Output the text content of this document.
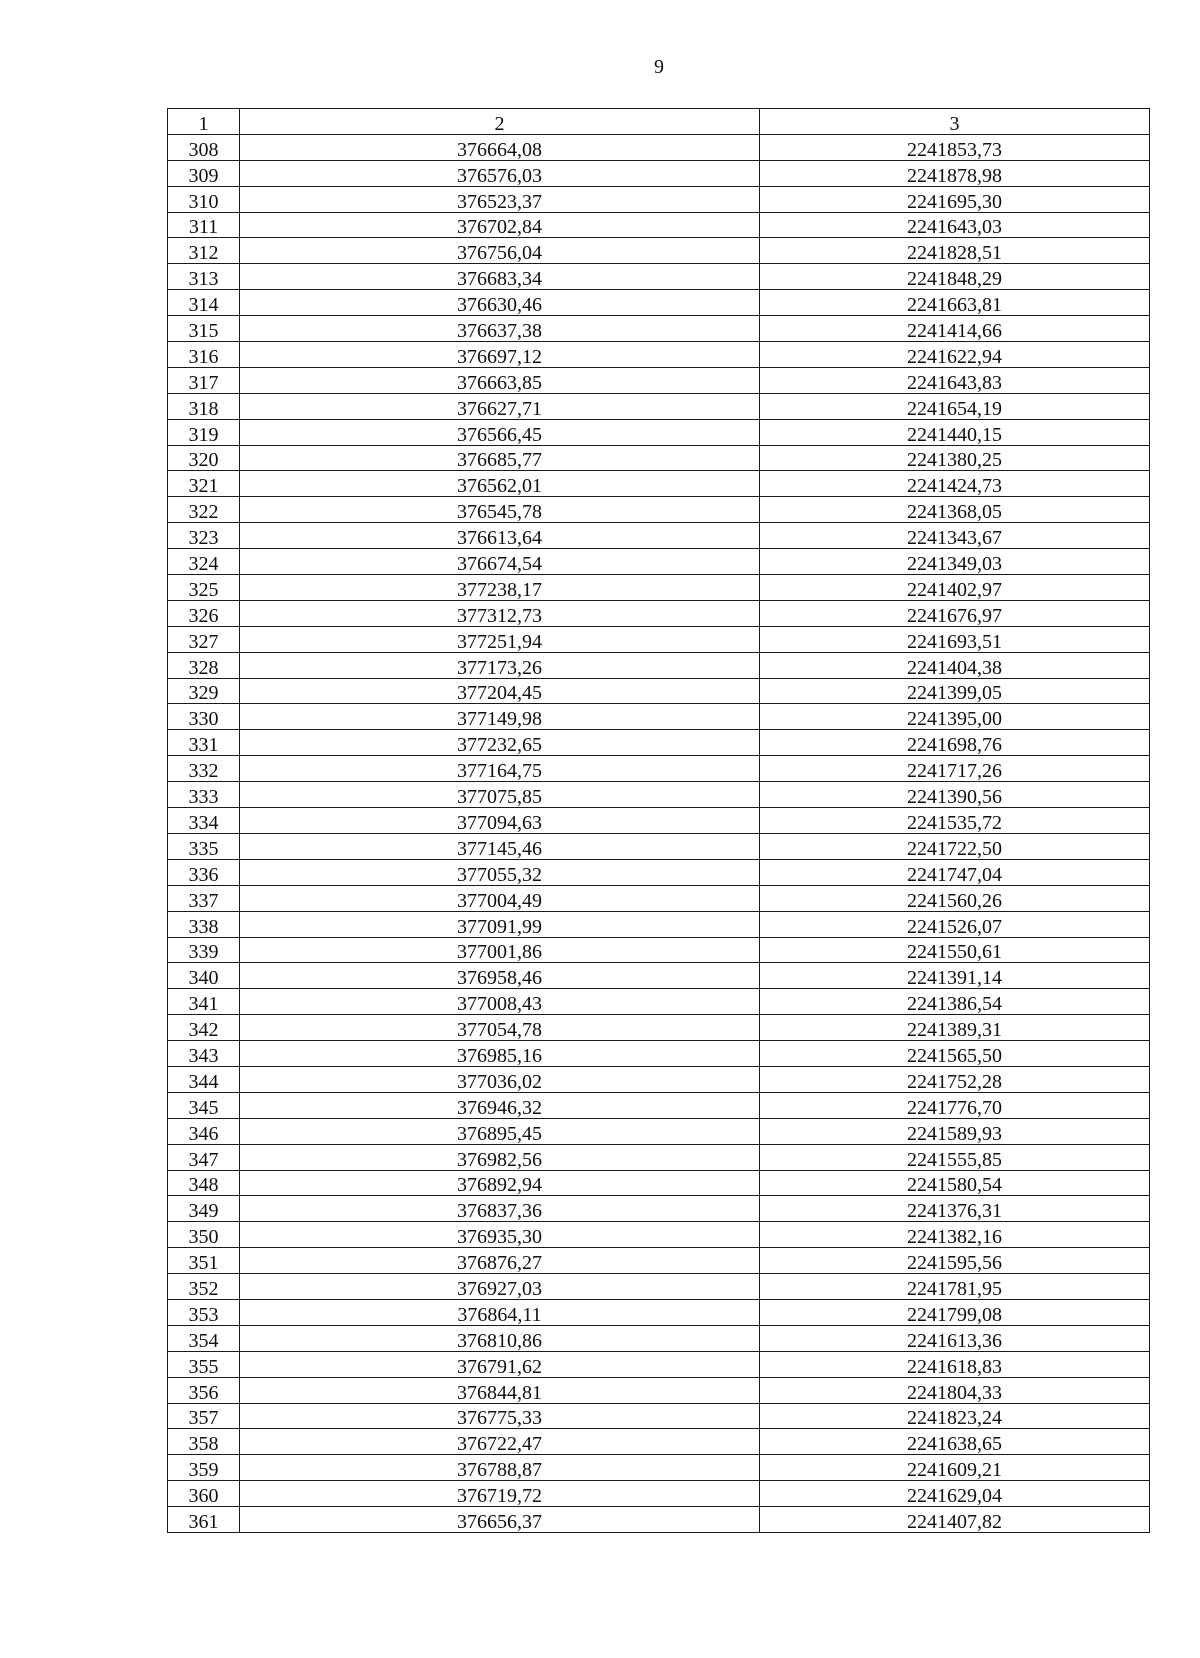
9
1	2	3
308	376664,08	2241853,73
309	376576,03	2241878,98
310	376523,37	2241695,30
311	376702,84	2241643,03
312	376756,04	2241828,51
313	376683,34	2241848,29
314	376630,46	2241663,81
315	376637,38	2241414,66
316	376697,12	2241622,94
317	376663,85	2241643,83
318	376627,71	2241654,19
319	376566,45	2241440,15
320	376685,77	2241380,25
321	376562,01	2241424,73
322	376545,78	2241368,05
323	376613,64	2241343,67
324	376674,54	2241349,03
325	377238,17	2241402,97
326	377312,73	2241676,97
327	377251,94	2241693,51
328	377173,26	2241404,38
329	377204,45	2241399,05
330	377149,98	2241395,00
331	377232,65	2241698,76
332	377164,75	2241717,26
333	377075,85	2241390,56
334	377094,63	2241535,72
335	377145,46	2241722,50
336	377055,32	2241747,04
337	377004,49	2241560,26
338	377091,99	2241526,07
339	377001,86	2241550,61
340	376958,46	2241391,14
341	377008,43	2241386,54
342	377054,78	2241389,31
343	376985,16	2241565,50
344	377036,02	2241752,28
345	376946,32	2241776,70
346	376895,45	2241589,93
347	376982,56	2241555,85
348	376892,94	2241580,54
349	376837,36	2241376,31
350	376935,30	2241382,16
351	376876,27	2241595,56
352	376927,03	2241781,95
353	376864,11	2241799,08
354	376810,86	2241613,36
355	376791,62	2241618,83
356	376844,81	2241804,33
357	376775,33	2241823,24
358	376722,47	2241638,65
359	376788,87	2241609,21
360	376719,72	2241629,04
361	376656,37	2241407,82
